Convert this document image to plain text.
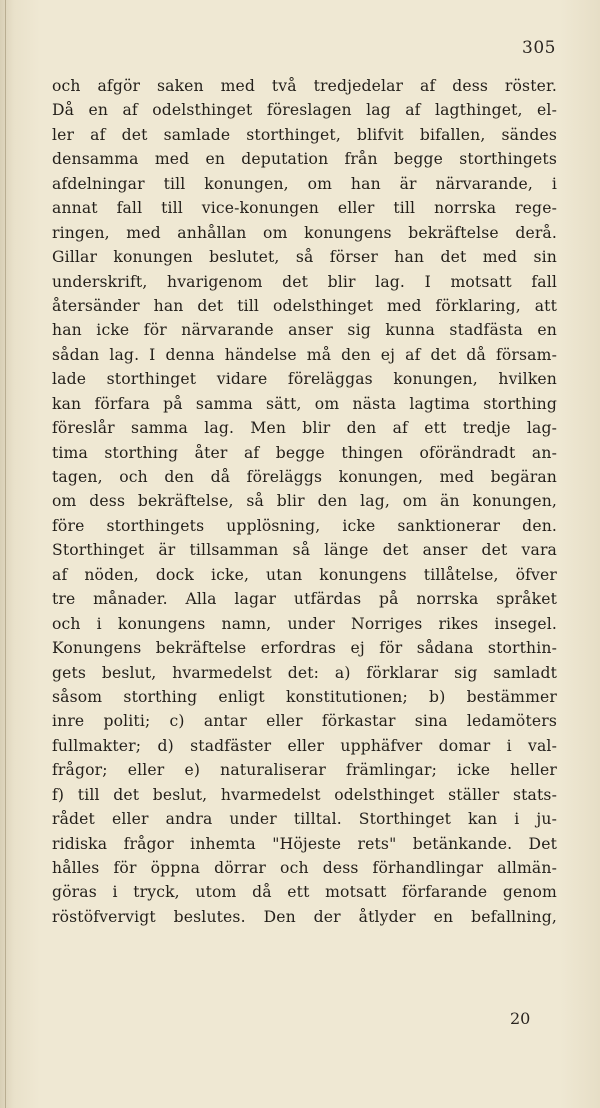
305
och afgör saken med två tredjedelar af dess röster.
Då en af odelsthinget föreslagen lag af lagthinget, el-
ler af det samlade storthinget, blifvit bifallen, sändes
densamma med en deputation från begge storthingets
afdelningar till konungen, om han är närvarande, i
annat fall till vice-konungen eller till norrska rege-
ringen, med anhållan om konungens bekräftelse derå.
Gillar konungen beslutet, så förser han det med sin
underskrift, hvarigenom det blir lag. I motsatt fall
återsänder han det till odelsthinget med förklaring, att
han icke för närvarande anser sig kunna stadfästa en
sådan lag. I denna händelse må den ej af det då försam-
lade storthinget vidare föreläggas konungen, hvilken
kan förfara på samma sätt, om nästa lagtima storthing
föreslår samma lag. Men blir den af ett tredje lag-
tima storthing åter af begge thingen oförändradt an-
tagen, och den då föreläggs konungen, med begäran
om dess bekräftelse, så blir den lag, om än konungen,
före storthingets upplösning, icke sanktionerar den.
Storthinget är tillsamman så länge det anser det vara
af nöden, dock icke, utan konungens tillåtelse, öfver
tre månader. Alla lagar utfärdas på norrska språket
och i konungens namn, under Norriges rikes insegel.
Konungens bekräftelse erfordras ej för sådana storthin-
gets beslut, hvarmedelst det: a) förklarar sig samladt
såsom storthing enligt konstitutionen; b) bestämmer
inre politi; c) antar eller förkastar sina ledamöters
fullmakter; d) stadfäster eller upphäfver domar i val-
frågor; eller e) naturaliserar främlingar; icke heller
f) till det beslut, hvarmedelst odelsthinget ställer stats-
rådet eller andra under tilltal. Storthinget kan i ju-
ridiska frågor inhemta "Höjeste rets" betänkande. Det
hålles för öppna dörrar och dess förhandlingar allmän-
göras i tryck, utom då ett motsatt förfarande genom
röstöfvervigt beslutes. Den der åtlyder en befallning,
20
